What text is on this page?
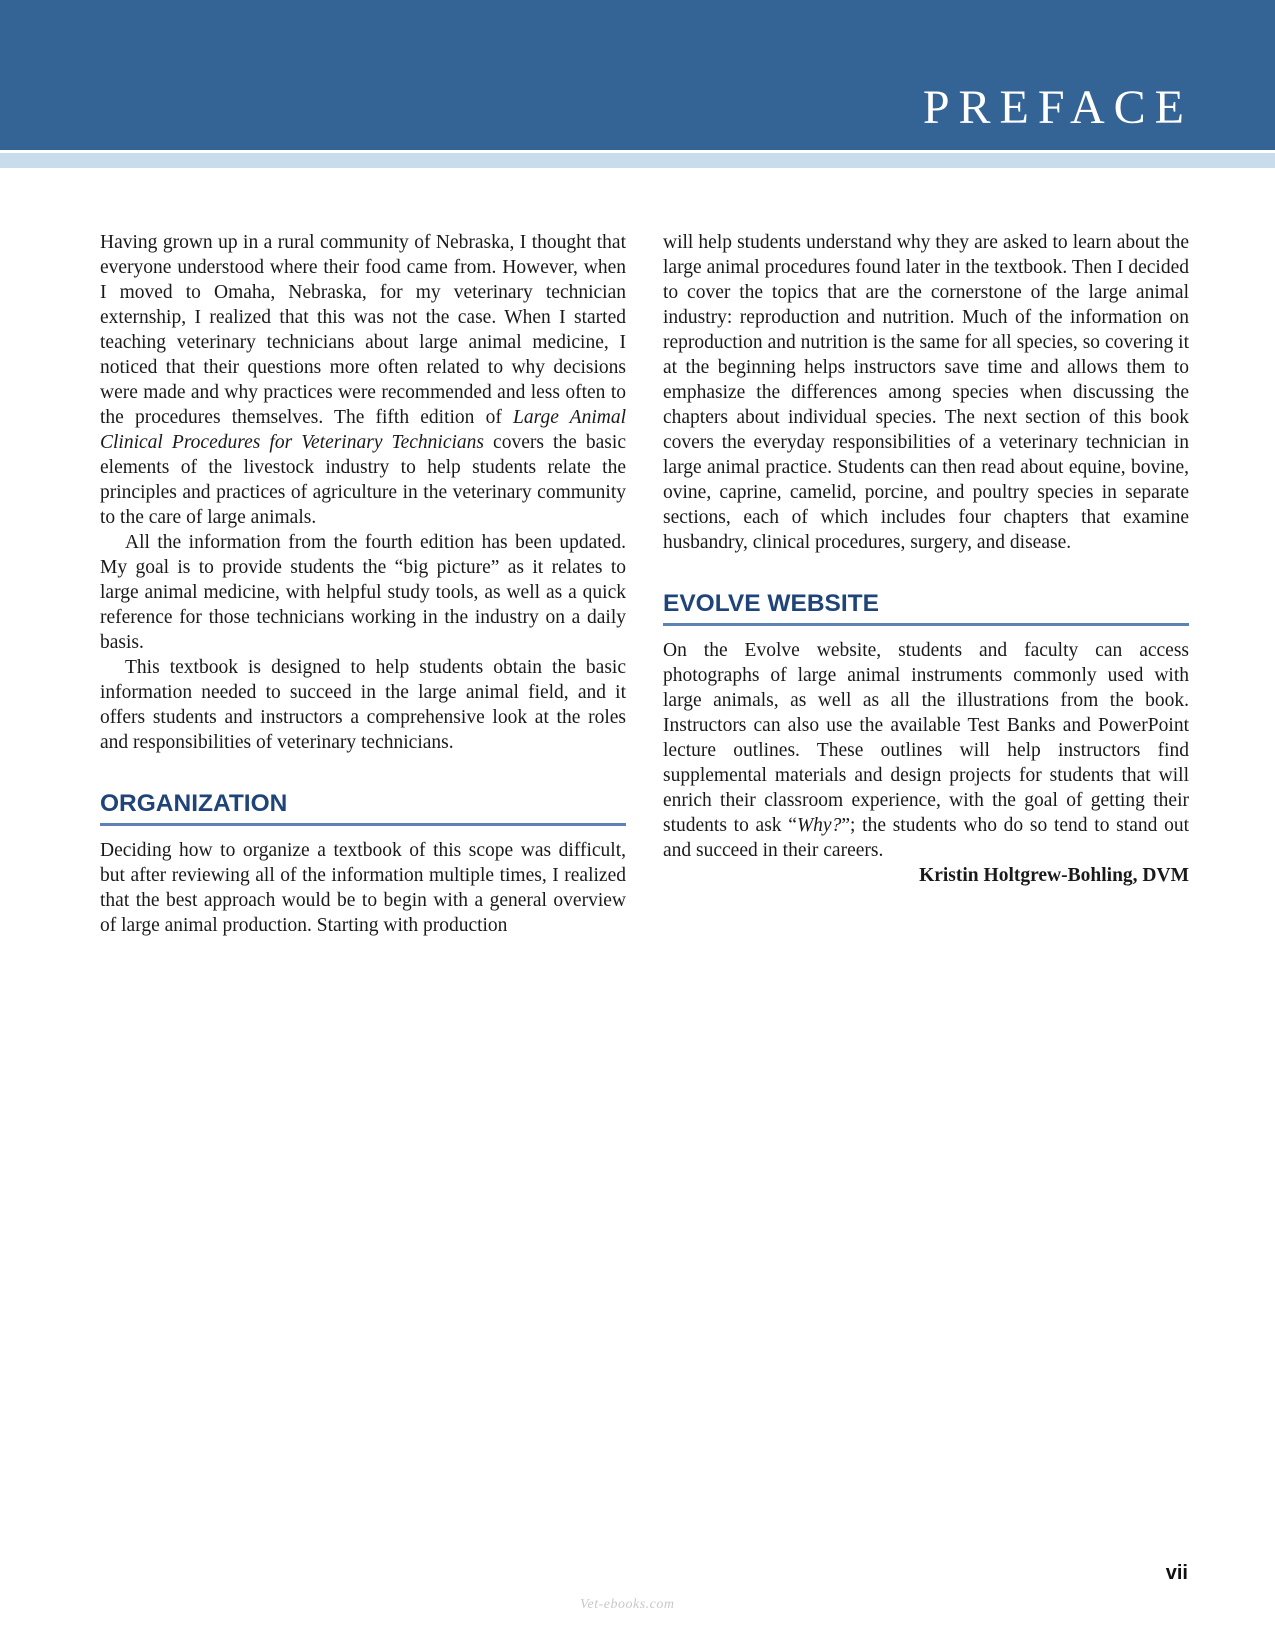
PREFACE

Having grown up in a rural community of Nebraska, I thought that everyone understood where their food came from. However, when I moved to Omaha, Nebraska, for my veterinary technician externship, I realized that this was not the case. When I started teaching veterinary technicians about large animal medicine, I noticed that their questions more often related to why decisions were made and why practices were recommended and less often to the procedures themselves. The fifth edition of Large Animal Clinical Procedures for Veterinary Technicians covers the basic elements of the livestock industry to help students relate the principles and practices of agriculture in the veterinary community to the care of large animals.

All the information from the fourth edition has been updated. My goal is to provide students the “big picture” as it relates to large animal medicine, with helpful study tools, as well as a quick reference for those technicians working in the industry on a daily basis.

This textbook is designed to help students obtain the basic information needed to succeed in the large animal field, and it offers students and instructors a comprehensive look at the roles and responsibilities of veterinary technicians.

ORGANIZATION

Deciding how to organize a textbook of this scope was difficult, but after reviewing all of the information multiple times, I realized that the best approach would be to begin with a general overview of large animal production. Starting with production

will help students understand why they are asked to learn about the large animal procedures found later in the textbook. Then I decided to cover the topics that are the cornerstone of the large animal industry: reproduction and nutrition. Much of the information on reproduction and nutrition is the same for all species, so covering it at the beginning helps instructors save time and allows them to emphasize the differences among species when discussing the chapters about individual species. The next section of this book covers the everyday responsibilities of a veterinary technician in large animal practice. Students can then read about equine, bovine, ovine, caprine, camelid, porcine, and poultry species in separate sections, each of which includes four chapters that examine husbandry, clinical procedures, surgery, and disease.

EVOLVE WEBSITE

On the Evolve website, students and faculty can access photographs of large animal instruments commonly used with large animals, as well as all the illustrations from the book. Instructors can also use the available Test Banks and PowerPoint lecture outlines. These outlines will help instructors find supplemental materials and design projects for students that will enrich their classroom experience, with the goal of getting their students to ask “Why?”; the students who do so tend to stand out and succeed in their careers.

Kristin Holtgrew-Bohling, DVM

vii
Vet-ebooks.com
